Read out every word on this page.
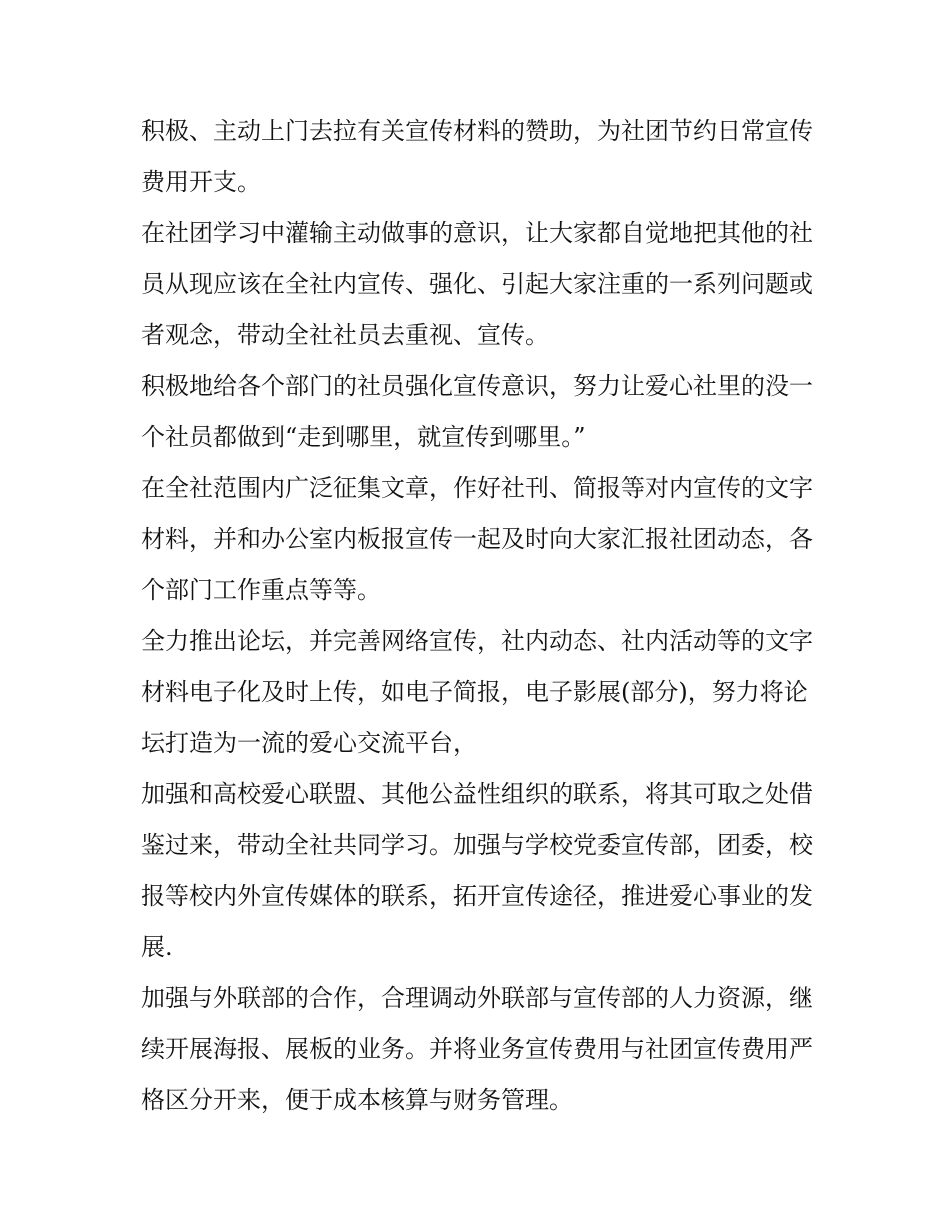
积极、主动上门去拉有关宣传材料的赞助，为社团节约日常宣传费用开支。

在社团学习中灌输主动做事的意识，让大家都自觉地把其他的社员从现应该在全社内宣传、强化、引起大家注重的一系列问题或者观念，带动全社社员去重视、宣传。

积极地给各个部门的社员强化宣传意识，努力让爱心社里的没一个社员都做到“走到哪里，就宣传到哪里。”

在全社范围内广泛征集文章，作好社刊、简报等对内宣传的文字材料，并和办公室内板报宣传一起及时向大家汇报社团动态，各个部门工作重点等等。

全力推出论坛，并完善网络宣传，社内动态、社内活动等的文字材料电子化及时上传，如电子简报，电子影展(部分)，努力将论坛打造为一流的爱心交流平台，

加强和高校爱心联盟、其他公益性组织的联系，将其可取之处借鉴过来，带动全社共同学习。加强与学校党委宣传部，团委，校报等校内外宣传媒体的联系，拓开宣传途径，推进爱心事业的发展.

加强与外联部的合作，合理调动外联部与宣传部的人力资源，继续开展海报、展板的业务。并将业务宣传费用与社团宣传费用严格区分开来，便于成本核算与财务管理。
